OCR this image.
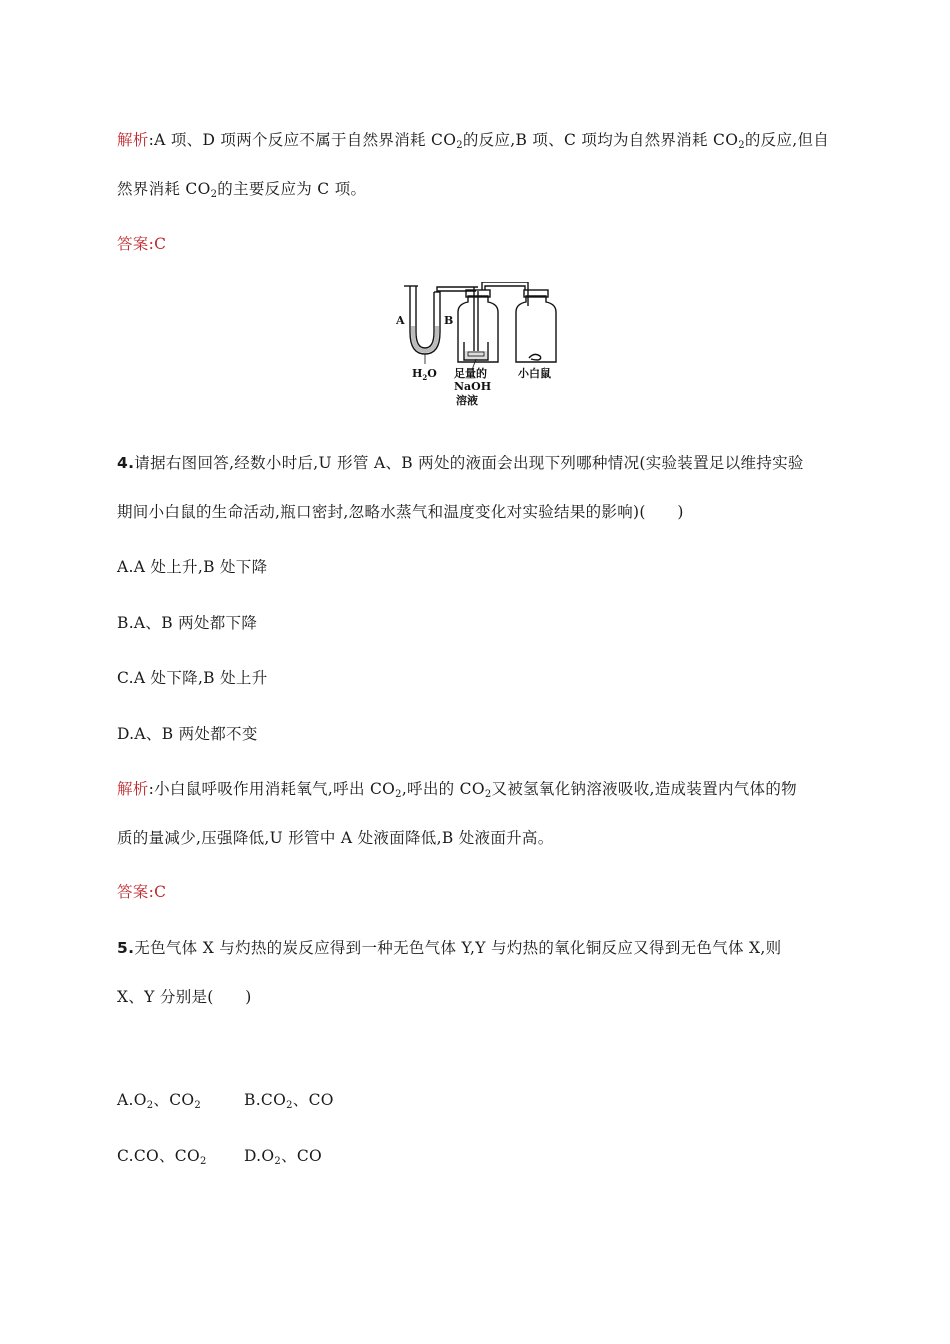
解析:A 项、D 项两个反应不属于自然界消耗 $CO_2$的反应,B 项、C 项均为自然界消耗 $CO_2$的反应,但自
然界消耗 $CO_2$的主要反应为 C 项。
答案:C
A	B
$H_2O$ 足量的
NaOH
溶液
小白鼠
4.请据右图回答,经数小时后,U 形管 A、B 两处的液面会出现下列哪种情况(实验装置足以维持实验
期间小白鼠的生命活动,瓶口密封,忽略水蒸气和温度变化对实验结果的影响)(　　)
A.A 处上升,B 处下降
B.A、B 两处都下降
C.A 处下降,B 处上升
D.A、B 两处都不变
解析:小白鼠呼吸作用消耗氧气,呼出 $CO_2$,呼出的 $CO_2$又被氢氧化钠溶液吸收,造成装置内气体的物
质的量减少,压强降低,U 形管中 A 处液面降低,B 处液面升高。
答案:C
5.无色气体 X 与灼热的炭反应得到一种无色气体 Y,Y 与灼热的氧化铜反应又得到无色气体 X,则
X、Y 分别是(　　)
$A.O_2$、$CO_2$	$B.CO_2$、CO
C.CO、$CO_2$ $D.O_2$、CO
